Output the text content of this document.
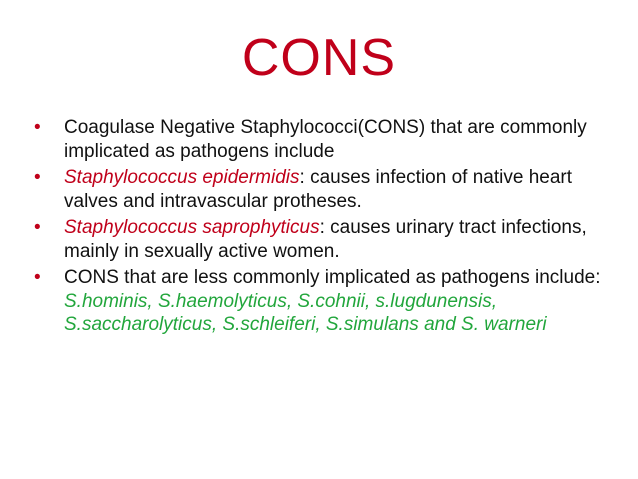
CONS
•	Coagulase Negative Staphylococci(CONS) that are commonly implicated as pathogens include
•	Staphylococcus epidermidis: causes infection of native heart valves and intravascular protheses.
•	Staphylococcus saprophyticus: causes urinary tract infections, mainly in sexually active women.
•	CONS that are less commonly implicated as pathogens include: S.hominis, S.haemolyticus, S.cohnii, s.lugdunensis, S.saccharolyticus, S.schleiferi, S.simulans and S. warneri
